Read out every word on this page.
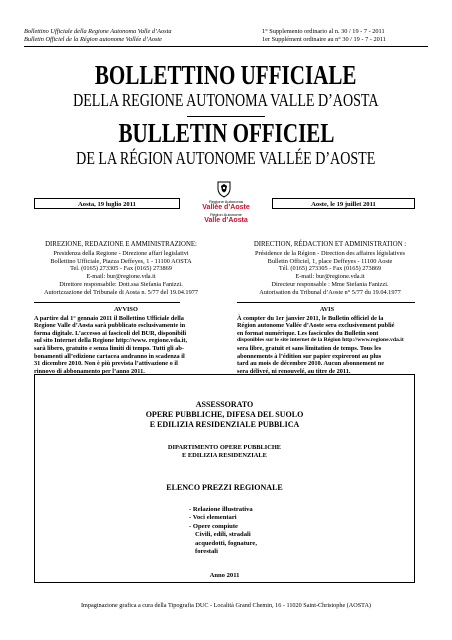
Bollettino Ufficiale della Regione Autonoma Valle d’Aosta
Bulletin Officiel de la Région autonome Vallée d’Aoste
1° Supplemento ordinario al n. 30 / 19 - 7 - 2011
1er Supplément ordinaire au n° 30 / 19 - 7 - 2011
BOLLETTINO UFFICIALE
DELLA REGIONE AUTONOMA VALLE D’AOSTA
BULLETIN OFFICIEL
DE LA RÉGION AUTONOME VALLÉE D’AOSTE
Regione Autonoma
Vallée d’Aoste
Région Autonome
Valle d’Aosta
Aosta, 19 luglio 2011	Aoste, le 19 juillet 2011
DIREZIONE, REDAZIONE E AMMINISTRAZIONE:
Presidenza della Regione - Direzione affari legislativi
Bollettino Ufficiale, Piazza Deffeyes, 1 - 11100 AOSTA
Tel. (0165) 273305 - Fax (0165) 273869
E-mail: bur@regione.vda.it
Direttore responsabile: Dott.ssa Stefania Fanizzi.
Autorizzazione del Tribunale di Aosta n. 5/77 del 19.04.1977
DIRECTION, RÉDACTION ET ADMINISTRATION :
Présidence de la Région - Direction des affaires législatives
Bulletin Officiel, 1, place Deffeyes - 11100 Aoste
Tél. (0165) 273305 - Fax (0165) 273869
E-mail: bur@regione.vda.it
Directeur responsable : Mme Stefania Fanizzi.
Autorisation du Tribunal d’Aoste n° 5/77 du 19.04.1977
AVVISO
A partire dal 1° gennaio 2011 il Bollettino Ufficiale della
Regione Valle d’Aosta sarà pubblicato esclusivamente in
forma digitale. L’accesso ai fascicoli del BUR, disponibili
sul sito Internet della Regione http://www. regione.vda.it,
sarà libero, gratuito e senza limiti di tempo. Tutti gli ab-
bonamenti all’edizione cartacea andranno in scadenza il
31 dicembre 2010. Non è più prevista l’attivazione o il
rinnovo di abbonamento per l’anno 2011.
AVIS
À compter du 1er janvier 2011, le Bulletin officiel de la
Région autonome Vallée d’Aoste sera exclusivement publié
en format numérique. Les fascicules du Bulletin sont
disponibles sur le site internet de la Région http://www.regione.vda.it
sera libre, gratuit et sans limitation de temps. Tous les
abonnements à l’édition sur papier expireront au plus
tard au mois de décembre 2010. Aucun abonnement ne
sera délivré, ni renouvelé, au titre de 2011.
ASSESSORATO
OPERE PUBBLICHE, DIFESA DEL SUOLO
E EDILIZIA RESIDENZIALE PUBBLICA
DIPARTIMENTO OPERE PUBBLICHE
E EDILIZIA RESIDENZIALE
ELENCO PREZZI REGIONALE
- Relazione illustrativa
- Voci elementari
- Opere compiute
Civili, edili, stradali
acquedotti, fognature,
forestali
Anno 2011
Impaginazione grafica a cura della Tipografia DUC - Località Grand Chemin, 16 - 11020 Saint-Christophe (AOSTA)
